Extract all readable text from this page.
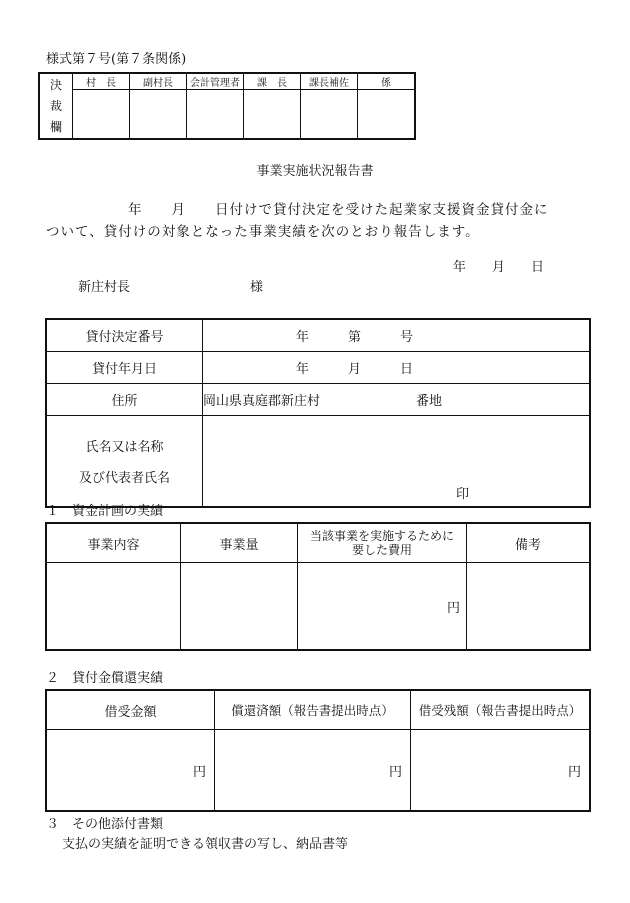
様式第７号(第７条関係)
決
裁
欄	村　長	副村長	会計管理者	課　長	課長補佐	係

事業実施状況報告書
年　　月　　日付けで貸付決定を受けた起業家支援資金貸付金に
ついて、貸付けの対象となった事業実績を次のとおり報告します。
年　　月　　日
新庄村長	様
貸付決定番号	年　　　第　　　号
貸付年月日	年　　　月　　　日
住所	岡山県真庭郡新庄村 番地

氏名又は名称
及び代表者氏名	印
１　資金計画の実績
事業内容	事業量	当該事業を実施するために要した費用	備考
		円	
２　貸付金償還実績
借受金額	償還済額（報告書提出時点）	借受残額（報告書提出時点）
円	円	円
３　その他添付書類
支払の実績を証明できる領収書の写し、納品書等
